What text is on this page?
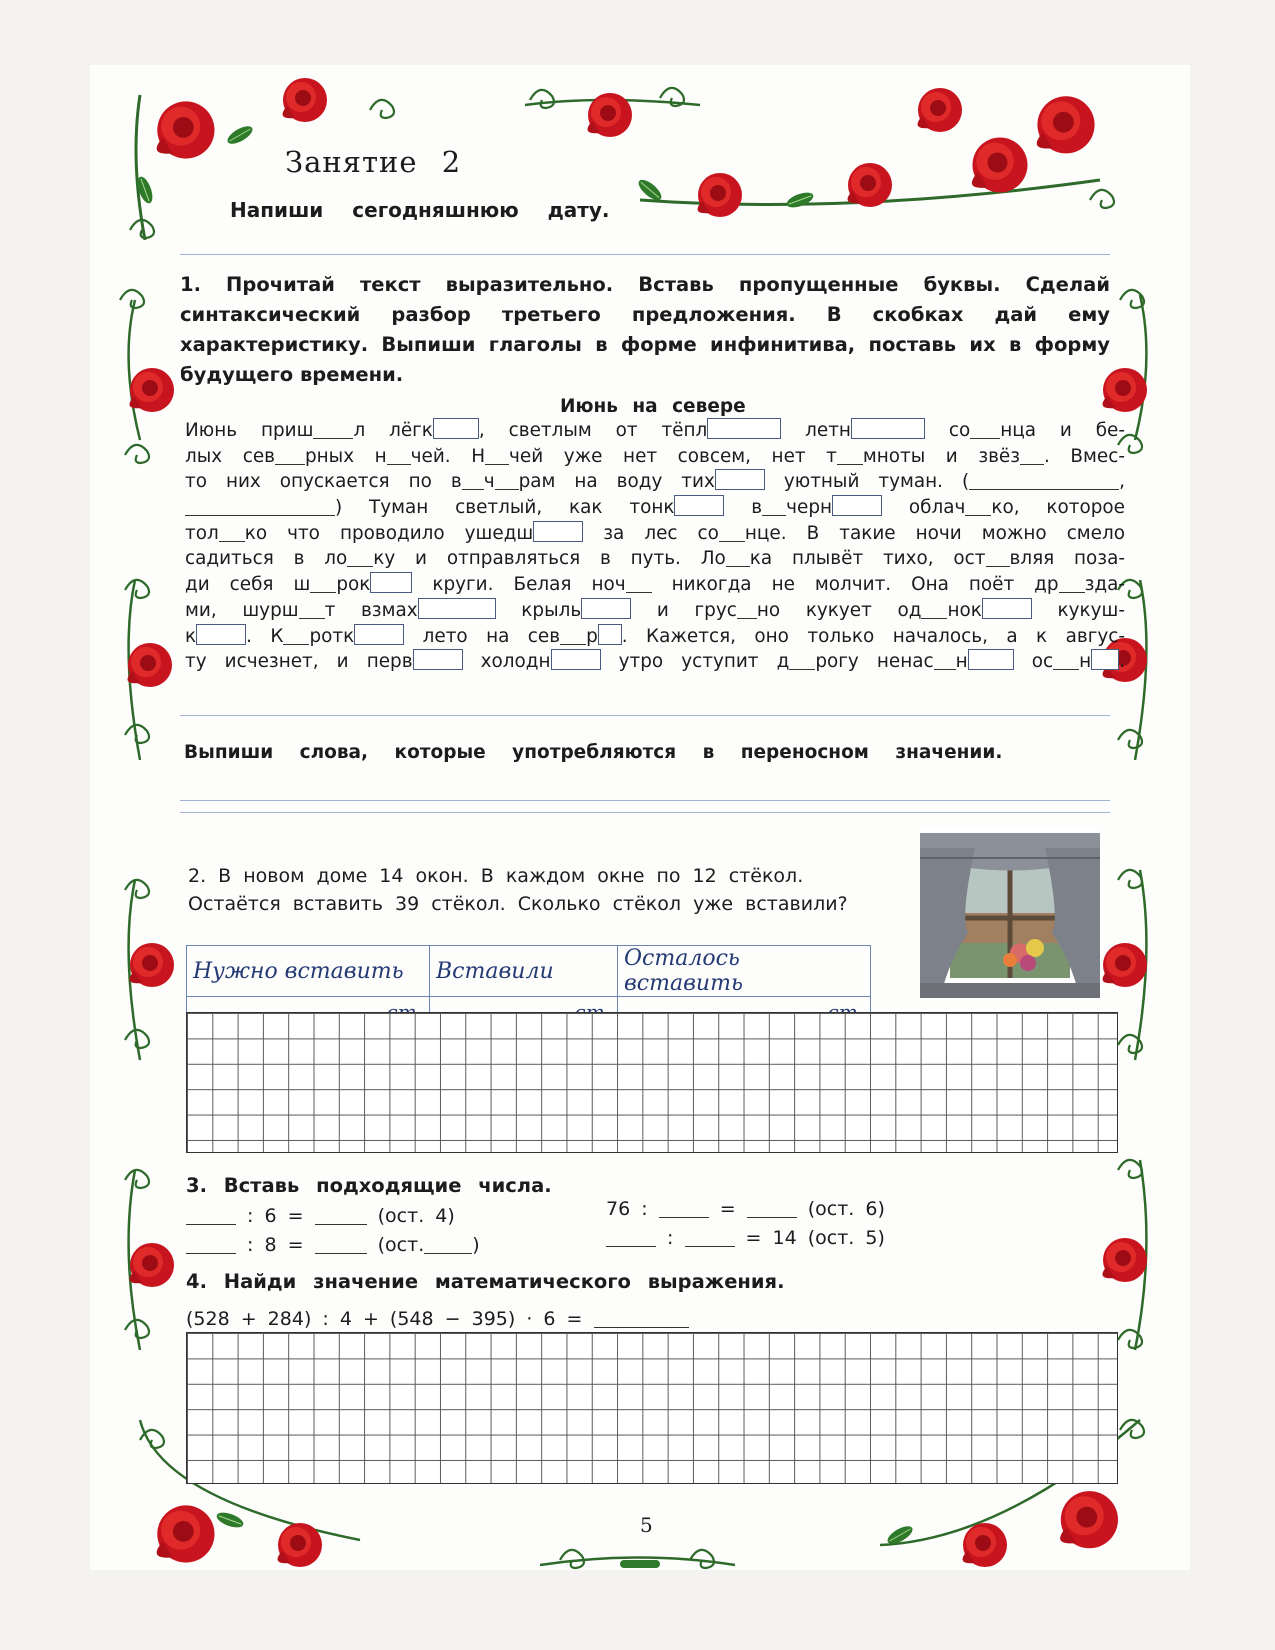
Занятие 2
Напиши сегодняшнюю дату.
1. Прочитай текст выразительно. Вставь пропущенные буквы. Сделай синтаксический разбор третьего предложения. В скобках дай ему характеристику. Выпиши глаголы в форме инфинитива, поставь их в форму будущего времени.
Июнь на севере
Июнь приш л лёгк	, светлым от тёпл	летн	со нца и бе-
лых сев рных н чей. Н чей уже нет совсем, нет т мноты и звёз . Вмес-
то них опускается по в ч рам на воду тих	уютный туман. (	,
) Туман светлый, как тонк	в черн	облач ко, которое
тол ко что проводило ушедш	за лес со нце. В такие ночи можно смело
садиться в ло ку и отправляться в путь. Ло ка плывёт тихо, ост вляя поза-
ди себя ш рок круги. Белая ноч никогда не молчит. Она поёт др зда-
ми, шурш т взмах	крыль	и грус но кукует од нок	кукуш-
к	. К ротк	лето на сев р . Кажется, оно только началось, а к авгус-
ту исчезнет, и перв	холодн	утро уступит д рогу ненас н	ос н .
Выпиши слова, которые употребляются в переносном значении.
2. В новом доме 14 окон. В каждом окне по 12 стёкол.
Остаётся вставить 39 стёкол. Сколько стёкол уже вставили?
Нужно вставить	Вставили	Осталось вставить

3. Вставь подходящие числа.
: 6 =	(ост. 4)
: 8 =	(ост.	)
76 :	=	(ост. 6)
:	= 14 (ост. 5)
4. Найди значение математического выражения.
(528 + 284) : 4 + (548 − 395) · 6 =
5
